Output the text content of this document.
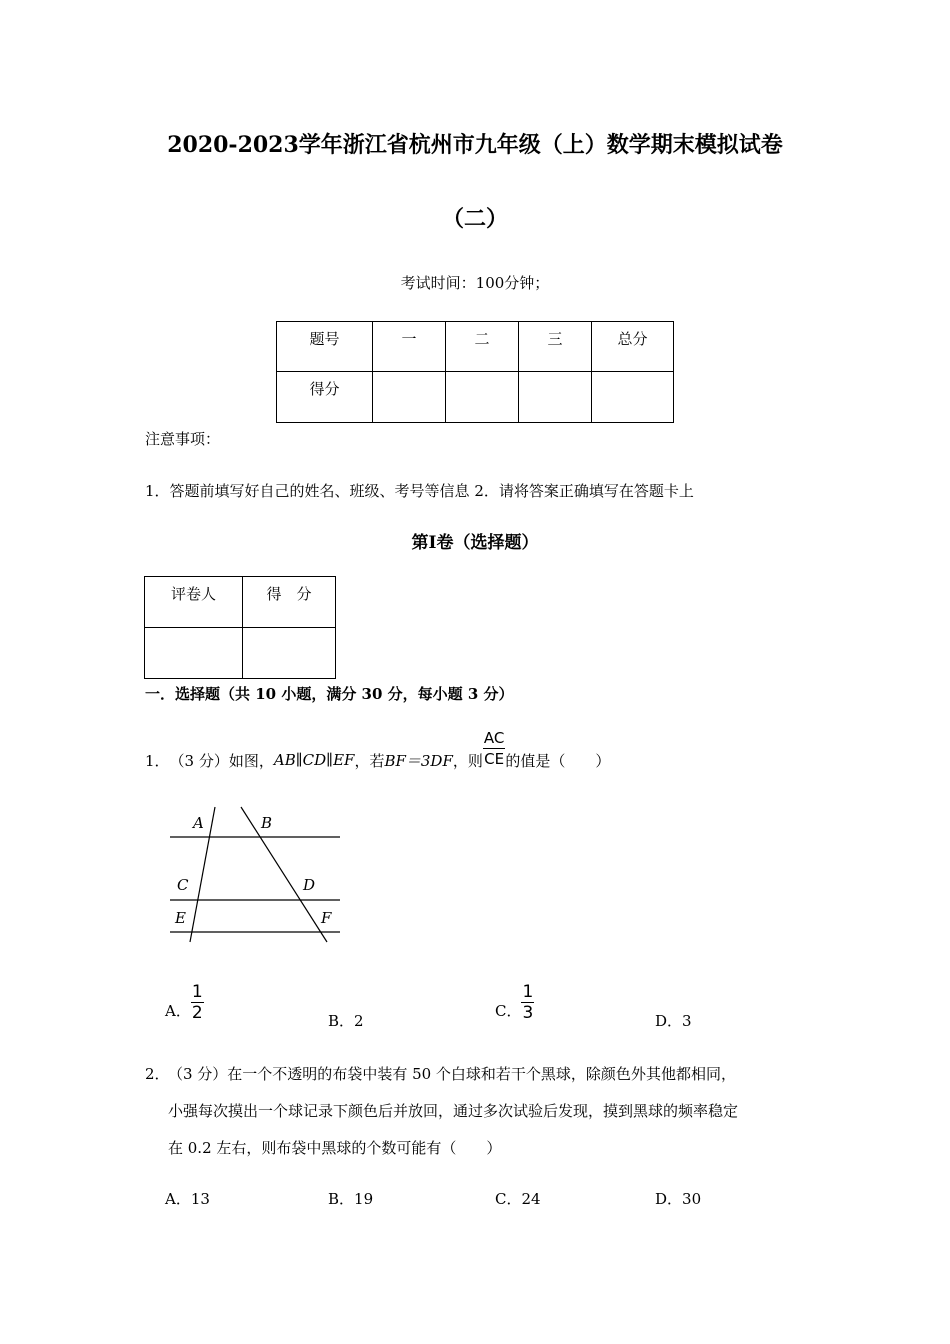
2020-2023学年浙江省杭州市九年级（上）数学期末模拟试卷
（二）
考试时间：100分钟；
题号	一	二	三	总分
得分				
注意事项：
1．答题前填写好自己的姓名、班级、考号等信息 2．请将答案正确填写在答题卡上
第Ⅰ卷（选择题）
评卷人	得　分

一．选择题（共 10 小题，满分 30 分，每小题 3 分）
1． （3 分）如图， AB∥CD∥EF ，若 BF＝3DF ，则 $\frac{AC}{CE}$ 的值是（　　）
A	B
C	D
E	F
A． $\frac{1}{2}$	B．2
C． $\frac{1}{3}$	D．3
2．
（3 分）在一个不透明的布袋中装有 50 个白球和若干个黑球，除颜色外其他都相同，
小强每次摸出一个球记录下颜色后并放回，通过多次试验后发现，摸到黑球的频率稳定
在 0.2 左右，则布袋中黑球的个数可能有（　　）
A．13	B．19	C．24	D．30
